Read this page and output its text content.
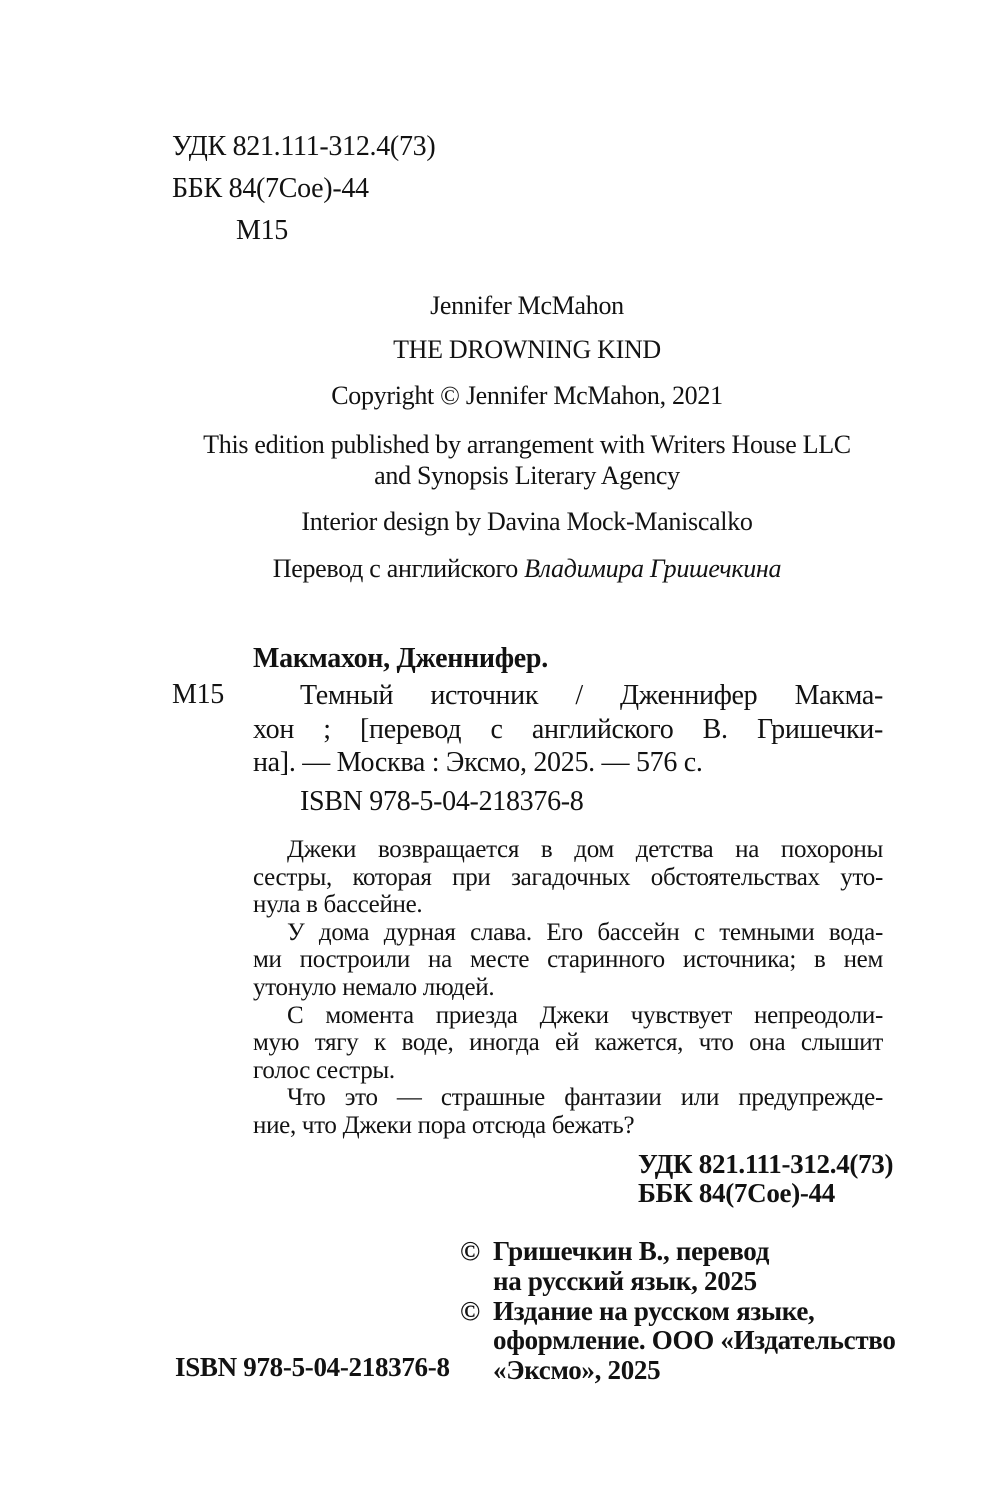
УДК 821.111-312.4(73)
ББК 84(7Сое)-44
М15
Jennifer McMahon
THE DROWNING KIND
Copyright © Jennifer McMahon, 2021
This edition published by arrangement with Writers House LLC
and Synopsis Literary Agency
Interior design by Davina Mock-Maniscalko
Перевод с английского Владимира Гришечкина
Макмахон, Дженнифер.
М15	Темный источник / Дженнифер Макма-
хон ; [перевод с английского В. Гришечки-
на]. — Москва : Эксмо, 2025. — 576 с.
ISBN 978-5-04-218376-8
Джеки возвращается в дом детства на похороны
сестры, которая при загадочных обстоятельствах уто-
нула в бассейне.
У дома дурная слава. Его бассейн с темными вода-
ми построили на месте старинного источника; в нем
утонуло немало людей.
С момента приезда Джеки чувствует непреодоли-
мую тягу к воде, иногда ей кажется, что она слышит
голос сестры.
Что это — страшные фантазии или предупрежде-
ние, что Джеки пора отсюда бежать?
УДК 821.111-312.4(73)
ББК 84(7Сое)-44
© Гришечкин В., перевод
на русский язык, 2025
© Издание на русском языке,
оформление. ООО «Издательство
«Эксмо», 2025
ISBN 978-5-04-218376-8
